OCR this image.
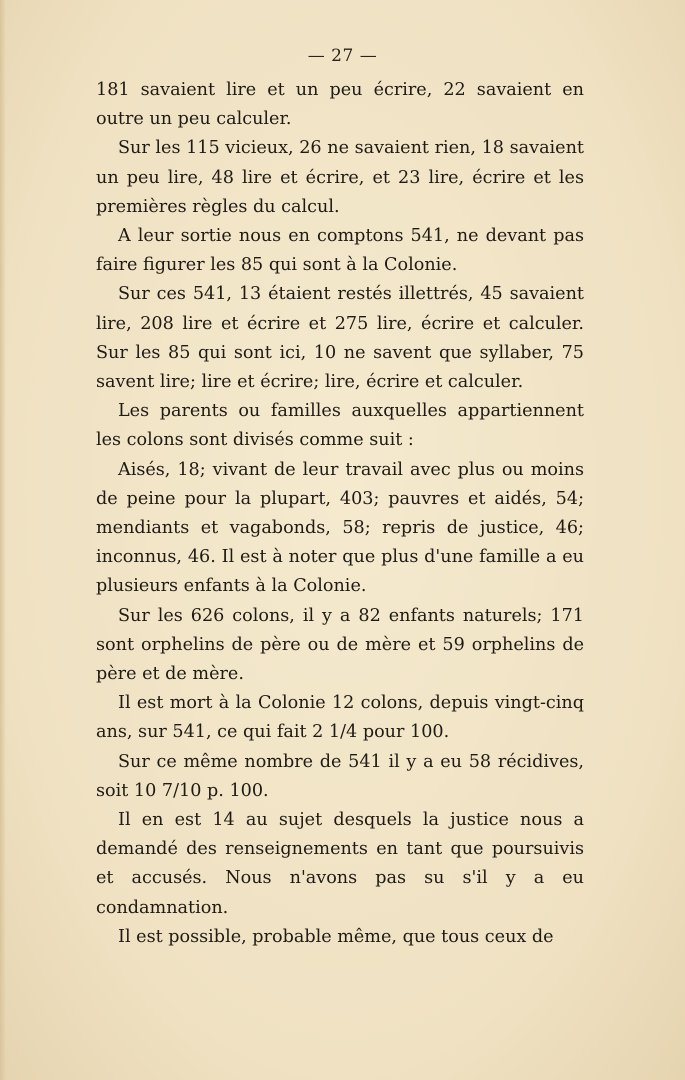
— 27 —

181 savaient lire et un peu écrire, 22 savaient en outre un peu calculer.

Sur les 115 vicieux, 26 ne savaient rien, 18 savaient un peu lire, 48 lire et écrire, et 23 lire, écrire et les premières règles du calcul.

A leur sortie nous en comptons 541, ne devant pas faire figurer les 85 qui sont à la Colonie.

Sur ces 541, 13 étaient restés illettrés, 45 savaient lire, 208 lire et écrire et 275 lire, écrire et calculer. Sur les 85 qui sont ici, 10 ne savent que syllaber, 75 savent lire; lire et écrire; lire, écrire et calculer.

Les parents ou familles auxquelles appartiennent les colons sont divisés comme suit :

Aisés, 18; vivant de leur travail avec plus ou moins de peine pour la plupart, 403; pauvres et aidés, 54; mendiants et vagabonds, 58; repris de justice, 46; inconnus, 46. Il est à noter que plus d'une famille a eu plusieurs enfants à la Colonie.

Sur les 626 colons, il y a 82 enfants naturels; 171 sont orphelins de père ou de mère et 59 orphelins de père et de mère.

Il est mort à la Colonie 12 colons, depuis vingt-cinq ans, sur 541, ce qui fait 2 1/4 pour 100.

Sur ce même nombre de 541 il y a eu 58 récidives, soit 10 7/10 p. 100.

Il en est 14 au sujet desquels la justice nous a demandé des renseignements en tant que poursuivis et accusés. Nous n'avons pas su s'il y a eu condamnation.

Il est possible, probable même, que tous ceux de
